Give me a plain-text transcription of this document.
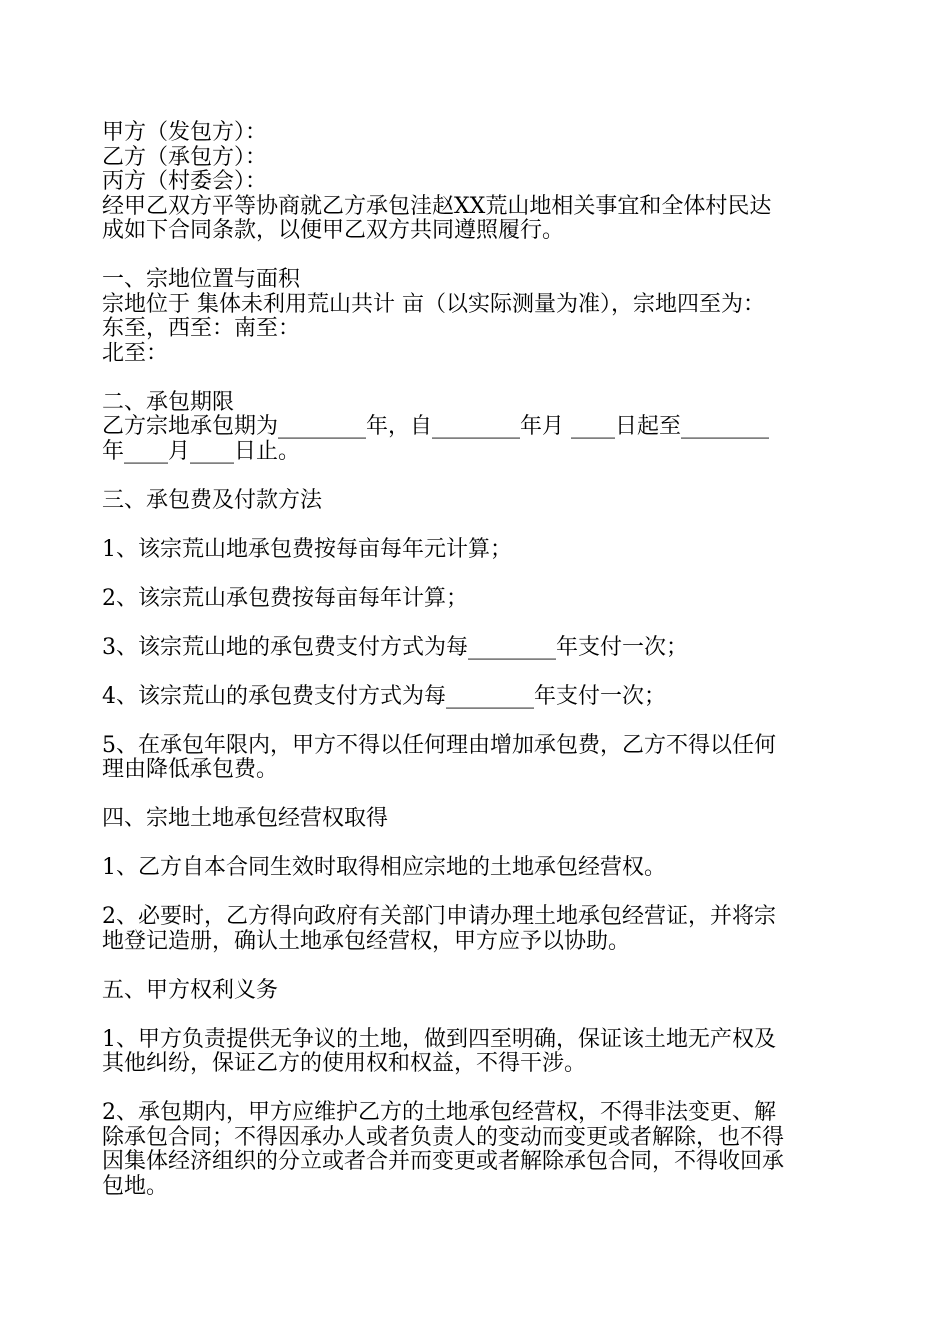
甲方（发包方）：
乙方（承包方）：
丙方（村委会）：
经甲乙双方平等协商就乙方承包洼赵XX荒山地相关事宜和全体村民达
成如下合同条款，以便甲乙双方共同遵照履行。
一、宗地位置与面积
宗地位于 集体未利用荒山共计 亩（以实际测量为准），宗地四至为：
东至，西至：南至：
北至：
二、承包期限
乙方宗地承包期为________年，自________年月 ____日起至________
年____月____日止。
三、承包费及付款方法
1、该宗荒山地承包费按每亩每年元计算；
2、该宗荒山承包费按每亩每年计算；
3、该宗荒山地的承包费支付方式为每________年支付一次；
4、该宗荒山的承包费支付方式为每________年支付一次；
5、在承包年限内，甲方不得以任何理由增加承包费，乙方不得以任何
理由降低承包费。
四、宗地土地承包经营权取得
1、乙方自本合同生效时取得相应宗地的土地承包经营权。
2、必要时，乙方得向政府有关部门申请办理土地承包经营证，并将宗
地登记造册，确认土地承包经营权，甲方应予以协助。
五、甲方权利义务
1、甲方负责提供无争议的土地，做到四至明确，保证该土地无产权及
其他纠纷，保证乙方的使用权和权益，不得干涉。
2、承包期内，甲方应维护乙方的土地承包经营权，不得非法变更、解
除承包合同；不得因承办人或者负责人的变动而变更或者解除，也不得
因集体经济组织的分立或者合并而变更或者解除承包合同，不得收回承
包地。
